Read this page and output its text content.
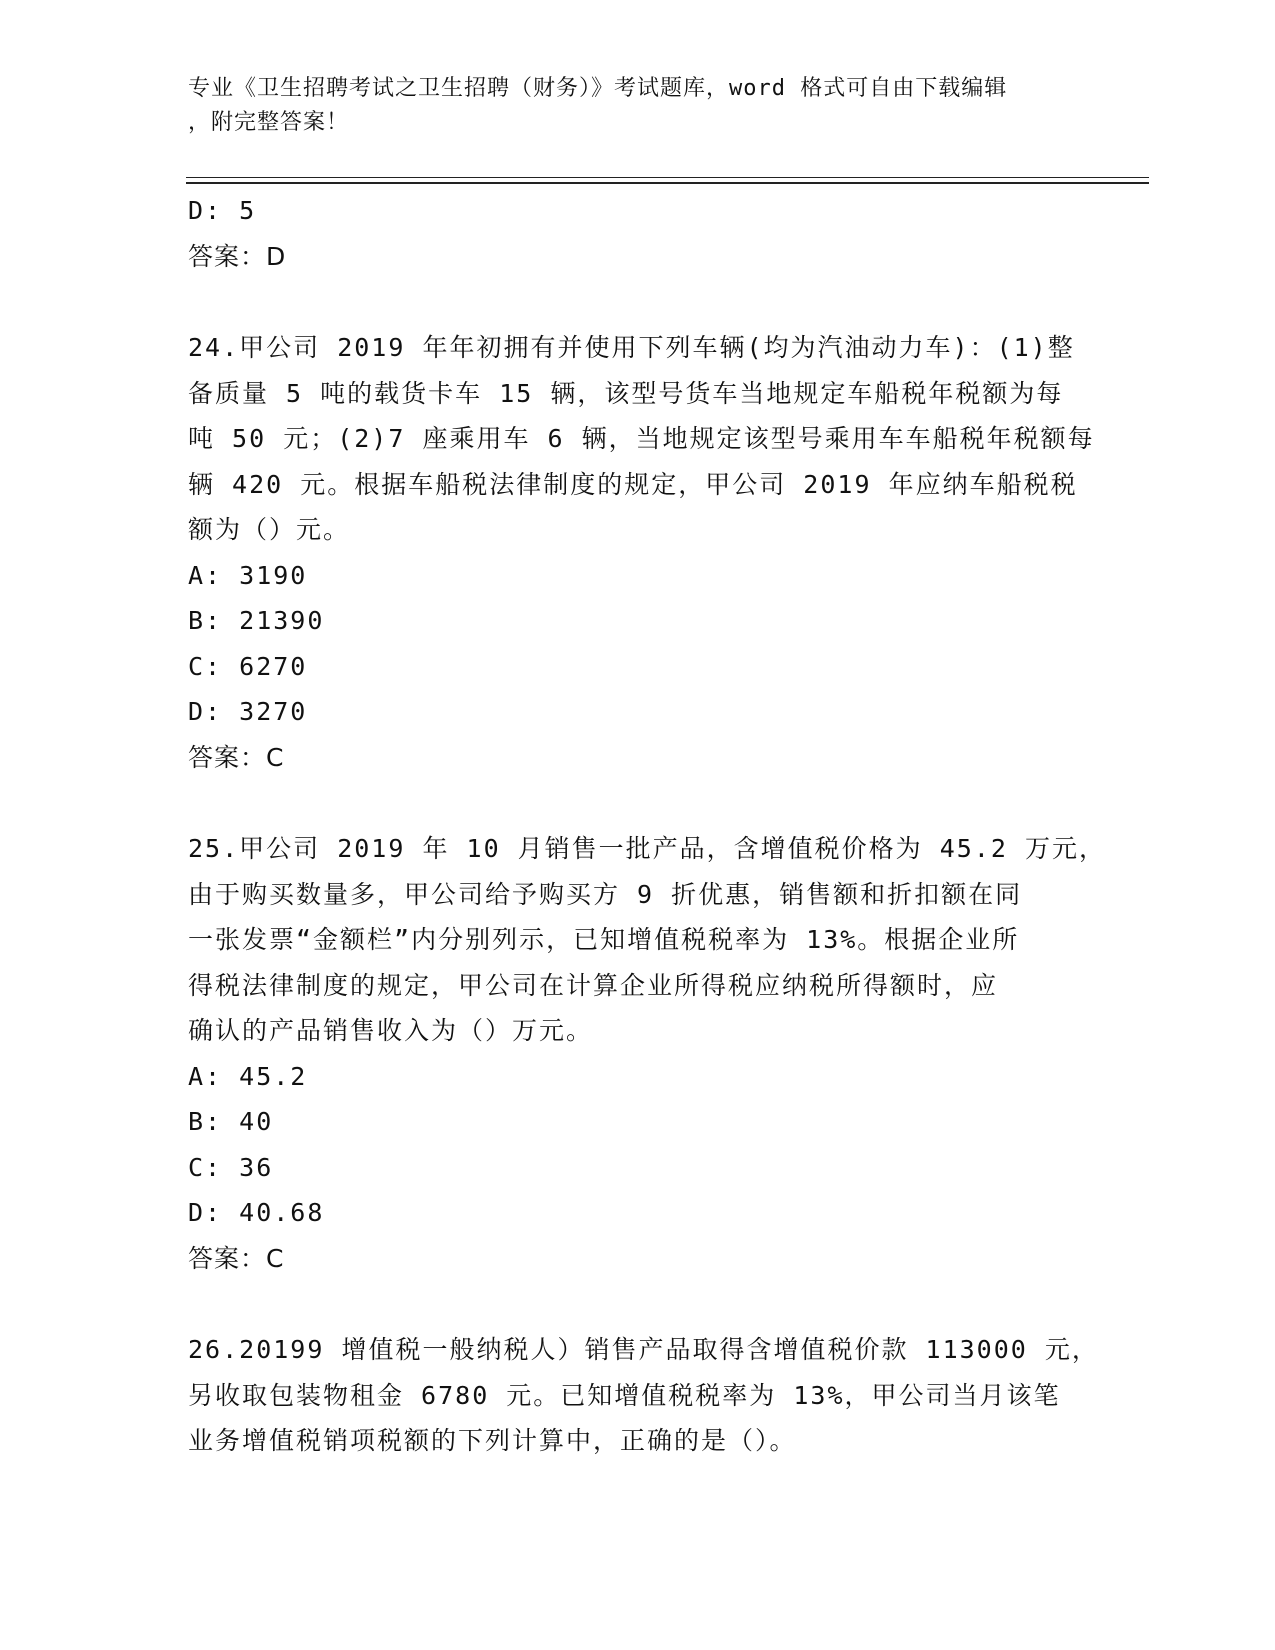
专业《卫生招聘考试之卫生招聘（财务）》考试题库，word 格式可自由下载编辑
，附完整答案！
D: 5
答案：D
24.甲公司 2019 年年初拥有并使用下列车辆(均为汽油动力车)：(1)整
备质量 5 吨的载货卡车 15 辆，该型号货车当地规定车船税年税额为每
吨 50 元；(2)7 座乘用车 6 辆，当地规定该型号乘用车车船税年税额每
辆 420 元。根据车船税法律制度的规定，甲公司 2019 年应纳车船税税
额为（）元。
A: 3190
B: 21390
C: 6270
D: 3270
答案：C
25.甲公司 2019 年 10 月销售一批产品，含增值税价格为 45.2 万元，
由于购买数量多，甲公司给予购买方 9 折优惠，销售额和折扣额在同
一张发票“金额栏”内分别列示，已知增值税税率为 13%。根据企业所
得税法律制度的规定，甲公司在计算企业所得税应纳税所得额时，应
确认的产品销售收入为（）万元。
A: 45.2
B: 40
C: 36
D: 40.68
答案：C
26.20199 增值税一般纳税人）销售产品取得含增值税价款 113000 元，
另收取包装物租金 6780 元。已知增值税税率为 13%，甲公司当月该笔
业务增值税销项税额的下列计算中，正确的是（）。
